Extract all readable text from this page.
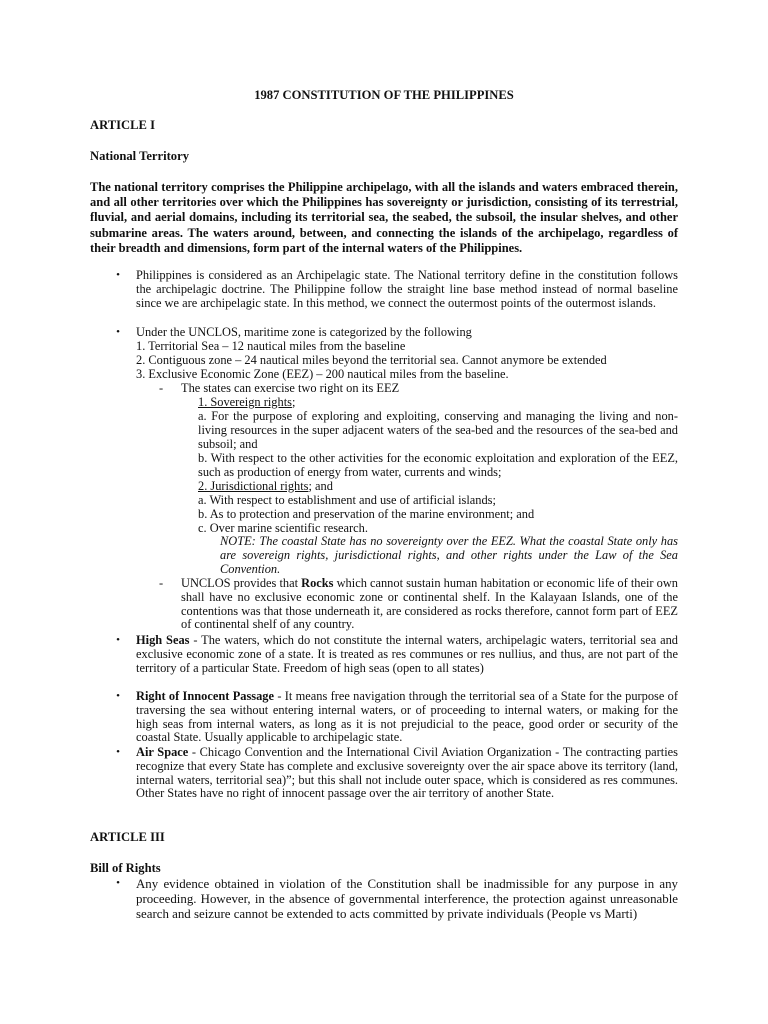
1987 CONSTITUTION OF THE PHILIPPINES
ARTICLE I
National Territory

The national territory comprises the Philippine archipelago, with all the islands and waters embraced therein, and all other territories over which the Philippines has sovereignty or jurisdiction, consisting of its terrestrial, fluvial, and aerial domains, including its territorial sea, the seabed, the subsoil, the insular shelves, and other submarine areas. The waters around, between, and connecting the islands of the archipelago, regardless of their breadth and dimensions, form part of the internal waters of the Philippines.

•	Philippines is considered as an Archipelagic state. The National territory define in the constitution follows the archipelagic doctrine. The Philippine follow the straight line base method instead of normal baseline since we are archipelagic state. In this method, we connect the outermost points of the outermost islands.

•	Under the UNCLOS, maritime zone is categorized by the following

1. Territorial Sea – 12 nautical miles from the baseline

2. Contiguous zone – 24 nautical miles beyond the territorial sea. Cannot anymore be extended

3. Exclusive Economic Zone (EEZ) – 200 nautical miles from the baseline.

- The states can exercise two right on its EEZ

1. Sovereign rights;

a. For the purpose of exploring and exploiting, conserving and managing the living and non-living resources in the super adjacent waters of the sea-bed and the resources of the sea-bed and subsoil; and

b. With respect to the other activities for the economic exploitation and exploration of the EEZ, such as production of energy from water, currents and winds;

2. Jurisdictional rights; and

a. With respect to establishment and use of artificial islands;

b. As to protection and preservation of the marine environment; and

c. Over marine scientific research.

NOTE: The coastal State has no sovereignty over the EEZ. What the coastal State only has are sovereign rights, jurisdictional rights, and other rights under the Law of the Sea Convention.

- UNCLOS provides that Rocks which cannot sustain human habitation or economic life of their own shall have no exclusive economic zone or continental shelf. In the Kalayaan Islands, one of the contentions was that those underneath it, are considered as rocks therefore, cannot form part of EEZ of continental shelf of any country.

•	High Seas - The waters, which do not constitute the internal waters, archipelagic waters, territorial sea and exclusive economic zone of a state. It is treated as res communes or res nullius, and thus, are not part of the territory of a particular State. Freedom of high seas (open to all states)

•	Right of Innocent Passage - It means free navigation through the territorial sea of a State for the purpose of traversing the sea without entering internal waters, or of proceeding to internal waters, or making for the high seas from internal waters, as long as it is not prejudicial to the peace, good order or security of the coastal State. Usually applicable to archipelagic state.

•	Air Space - Chicago Convention and the International Civil Aviation Organization - The contracting parties recognize that every State has complete and exclusive sovereignty over the air space above its territory (land, internal waters, territorial sea)”; but this shall not include outer space, which is considered as res communes. Other States have no right of innocent passage over the air territory of another State.

ARTICLE III
Bill of Rights
•	Any evidence obtained in violation of the Constitution shall be inadmissible for any purpose in any proceeding. However, in the absence of governmental interference, the protection against unreasonable search and seizure cannot be extended to acts committed by private individuals (People vs Marti)
